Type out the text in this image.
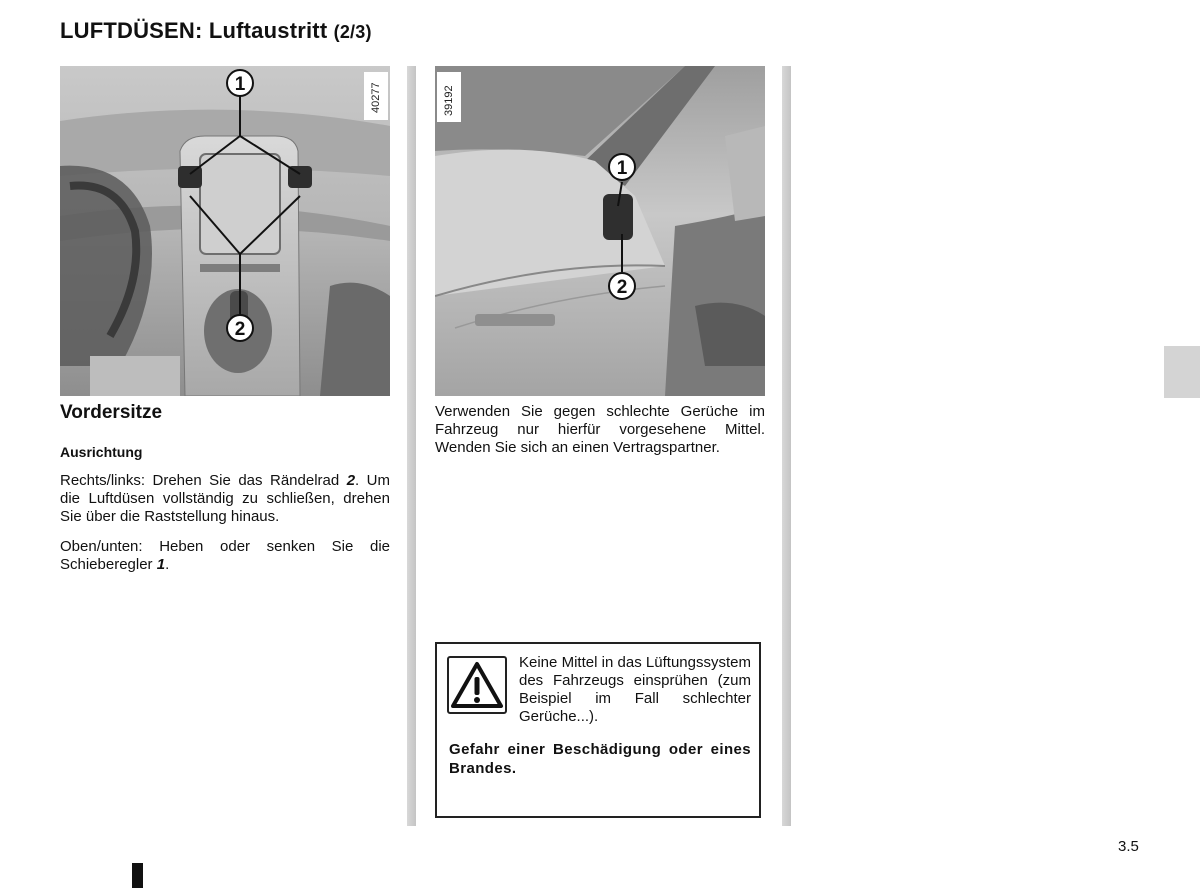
LUFTDÜSEN: Luftaustritt (2/3)
1
2
40277
1
2
39192
Vordersitze
Ausrichtung
Rechts/links: Drehen Sie das Rändelrad 2. Um die Luftdüsen vollständig zu schließen, drehen Sie über die Raststellung hinaus.
Oben/unten: Heben oder senken Sie die Schieberegler 1.
Verwenden Sie gegen schlechte Gerüche im Fahrzeug nur hierfür vorgesehene Mittel. Wenden Sie sich an einen Vertragspartner.
Keine Mittel in das Lüftungssystem des Fahrzeugs einsprühen (zum Beispiel im Fall schlechter Gerüche...).
Gefahr einer Beschädigung oder eines Brandes.
3.5
